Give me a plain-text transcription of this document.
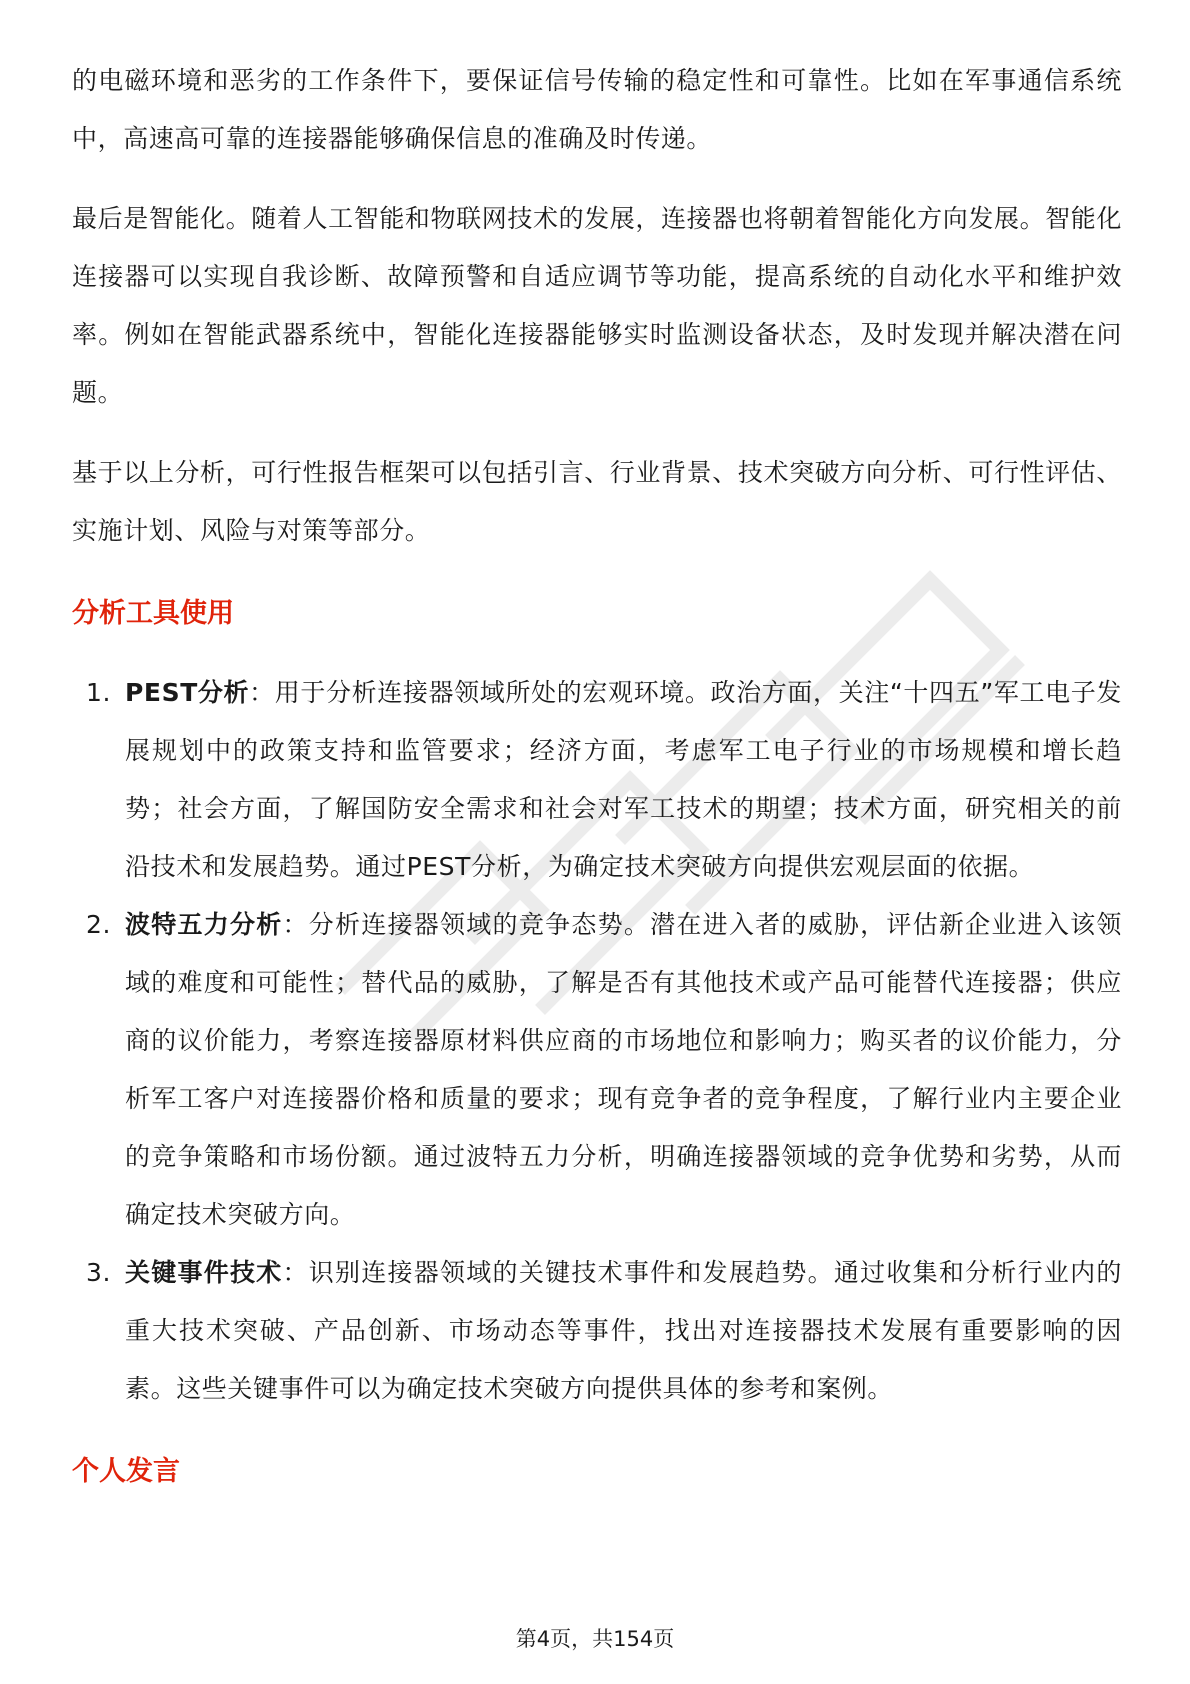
的电磁环境和恶劣的工作条件下，要保证信号传输的稳定性和可靠性。比如在军事通信系统中，高速高可靠的连接器能够确保信息的准确及时传递。

最后是智能化。随着人工智能和物联网技术的发展，连接器也将朝着智能化方向发展。智能化连接器可以实现自我诊断、故障预警和自适应调节等功能，提高系统的自动化水平和维护效率。例如在智能武器系统中，智能化连接器能够实时监测设备状态，及时发现并解决潜在问题。

基于以上分析，可行性报告框架可以包括引言、行业背景、技术突破方向分析、可行性评估、实施计划、风险与对策等部分。

分析工具使用
1. PEST分析：用于分析连接器领域所处的宏观环境。政治方面，关注“十四五”军工电子发展规划中的政策支持和监管要求；经济方面，考虑军工电子行业的市场规模和增长趋势；社会方面，了解国防安全需求和社会对军工技术的期望；技术方面，研究相关的前沿技术和发展趋势。通过PEST分析，为确定技术突破方向提供宏观层面的依据。
2. 波特五力分析：分析连接器领域的竞争态势。潜在进入者的威胁，评估新企业进入该领域的难度和可能性；替代品的威胁，了解是否有其他技术或产品可能替代连接器；供应商的议价能力，考察连接器原材料供应商的市场地位和影响力；购买者的议价能力，分析军工客户对连接器价格和质量的要求；现有竞争者的竞争程度，了解行业内主要企业的竞争策略和市场份额。通过波特五力分析，明确连接器领域的竞争优势和劣势，从而确定技术突破方向。
3. 关键事件技术：识别连接器领域的关键技术事件和发展趋势。通过收集和分析行业内的重大技术突破、产品创新、市场动态等事件，找出对连接器技术发展有重要影响的因素。这些关键事件可以为确定技术突破方向提供具体的参考和案例。
个人发言
第4页，共154页
